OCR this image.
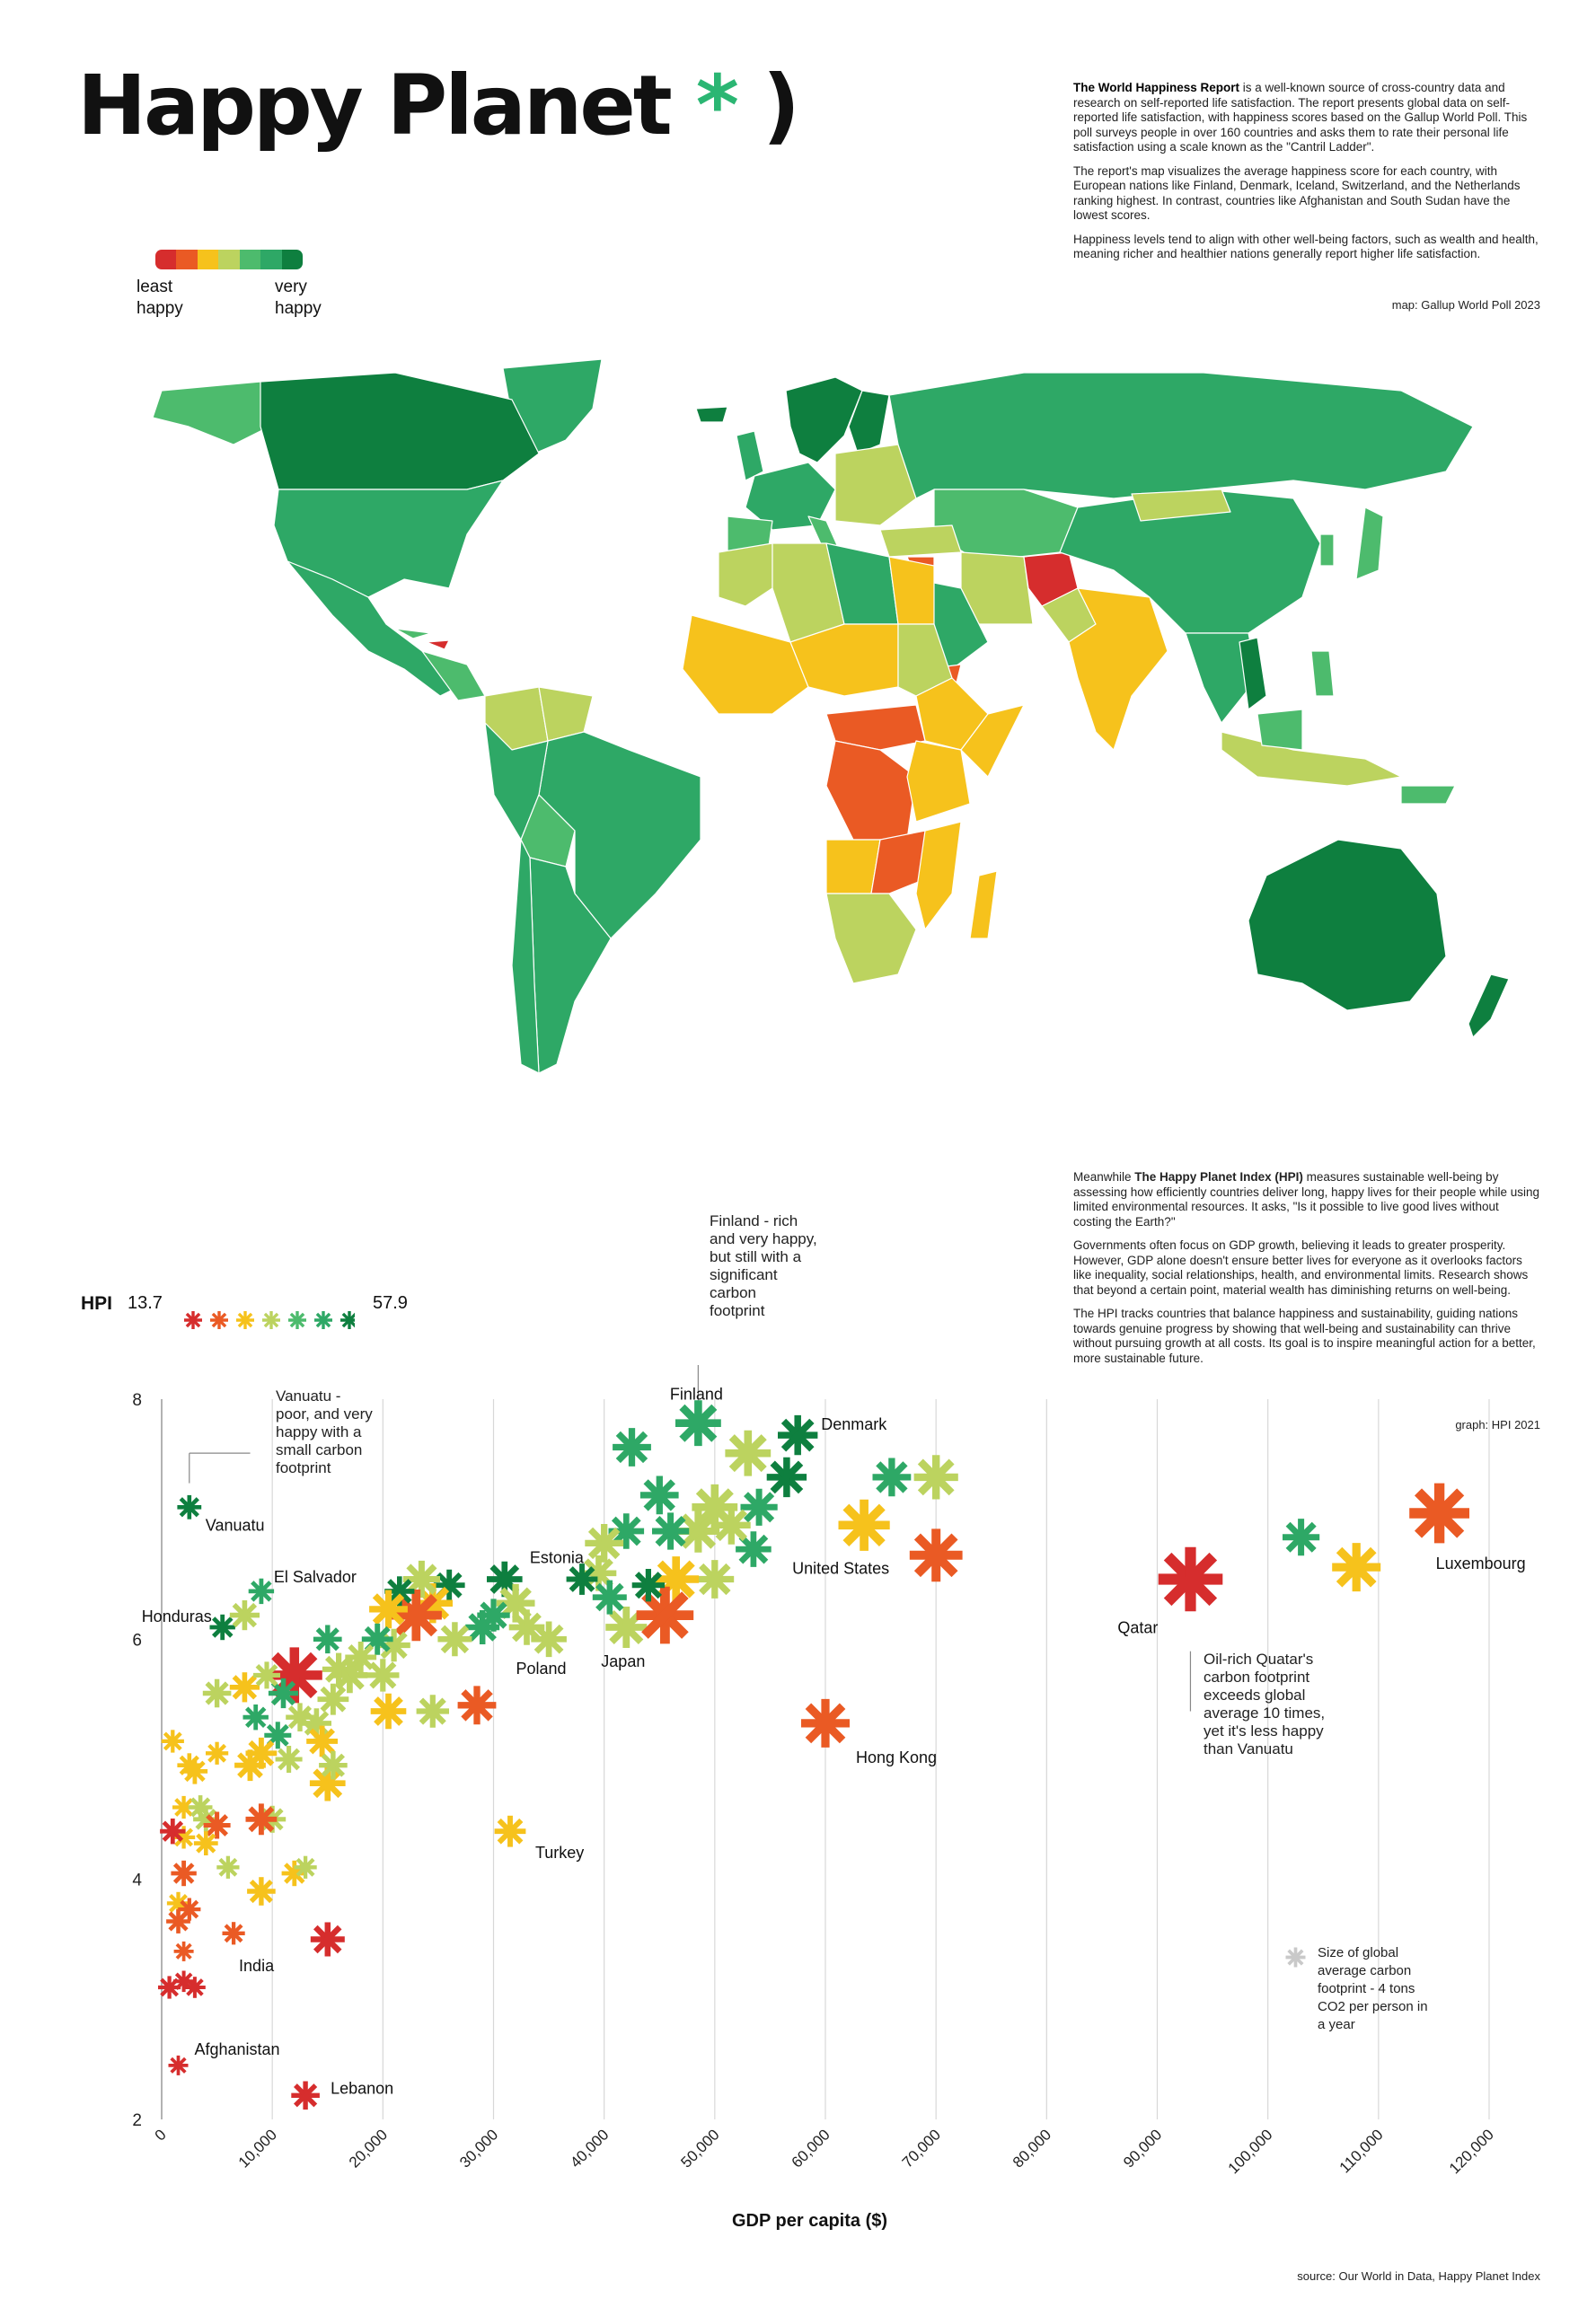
Happy Planet * )
least
happy
very
happy

The World Happiness Report is a well-known source of cross-country data and research on self-reported life satisfaction. The report presents global data on self-reported life satisfaction, with happiness scores based on the Gallup World Poll. This poll surveys people in over 160 countries and asks them to rate their personal life satisfaction using a scale known as the "Cantril Ladder".

The report's map visualizes the average happiness score for each country, with European nations like Finland, Denmark, Iceland, Switzerland, and the Netherlands ranking highest. In contrast, countries like Afghanistan and South Sudan have the lowest scores.

Happiness levels tend to align with other well-being factors, such as wealth and health, meaning richer and healthier nations generally report higher life satisfaction.

map: Gallup World Poll 2023

Meanwhile The Happy Planet Index (HPI) measures sustainable well-being by assessing how efficiently countries deliver long, happy lives for their people while using limited environmental resources. It asks, "Is it possible to live good lives without costing the Earth?"

Governments often focus on GDP growth, believing it leads to greater prosperity. However, GDP alone doesn't ensure better lives for everyone as it overlooks factors like inequality, social relationships, health, and environmental limits. Research shows that beyond a certain point, material wealth has diminishing returns on well-being.

The HPI tracks countries that balance happiness and sustainability, guiding nations towards genuine progress by showing that well-being and sustainability can thrive without pursuing growth at all costs. Its goal is to inspire meaningful action for a better, more sustainable future.

graph: HPI 2021
HPI 13.7	57.9
0	10,000	20,000	30,000	40,000	50,000	60,000	70,000	80,000	90,000	100,000	110,000	120,000
2
4
6
8	Finland
Denmark
Vanuatu
El Salvador
Honduras
Estonia
Poland Japan
United States
Hong Kong
Turkey
India
Afghanistan
Lebanon
Qatar
Luxembourg
Finland - rich
and very happy,
but still with a
significant
carbon
footprint
Vanuatu -
poor, and very
happy with a
small carbon
footprint
Oil-rich Quatar's
carbon footprint
exceeds global
average 10 times,
yet it's less happy
than Vanuatu
Size of global
average carbon
footprint - 4 tons
CO2 per person in
a year
GDP per capita ($)
source: Our World in Data, Happy Planet Index
